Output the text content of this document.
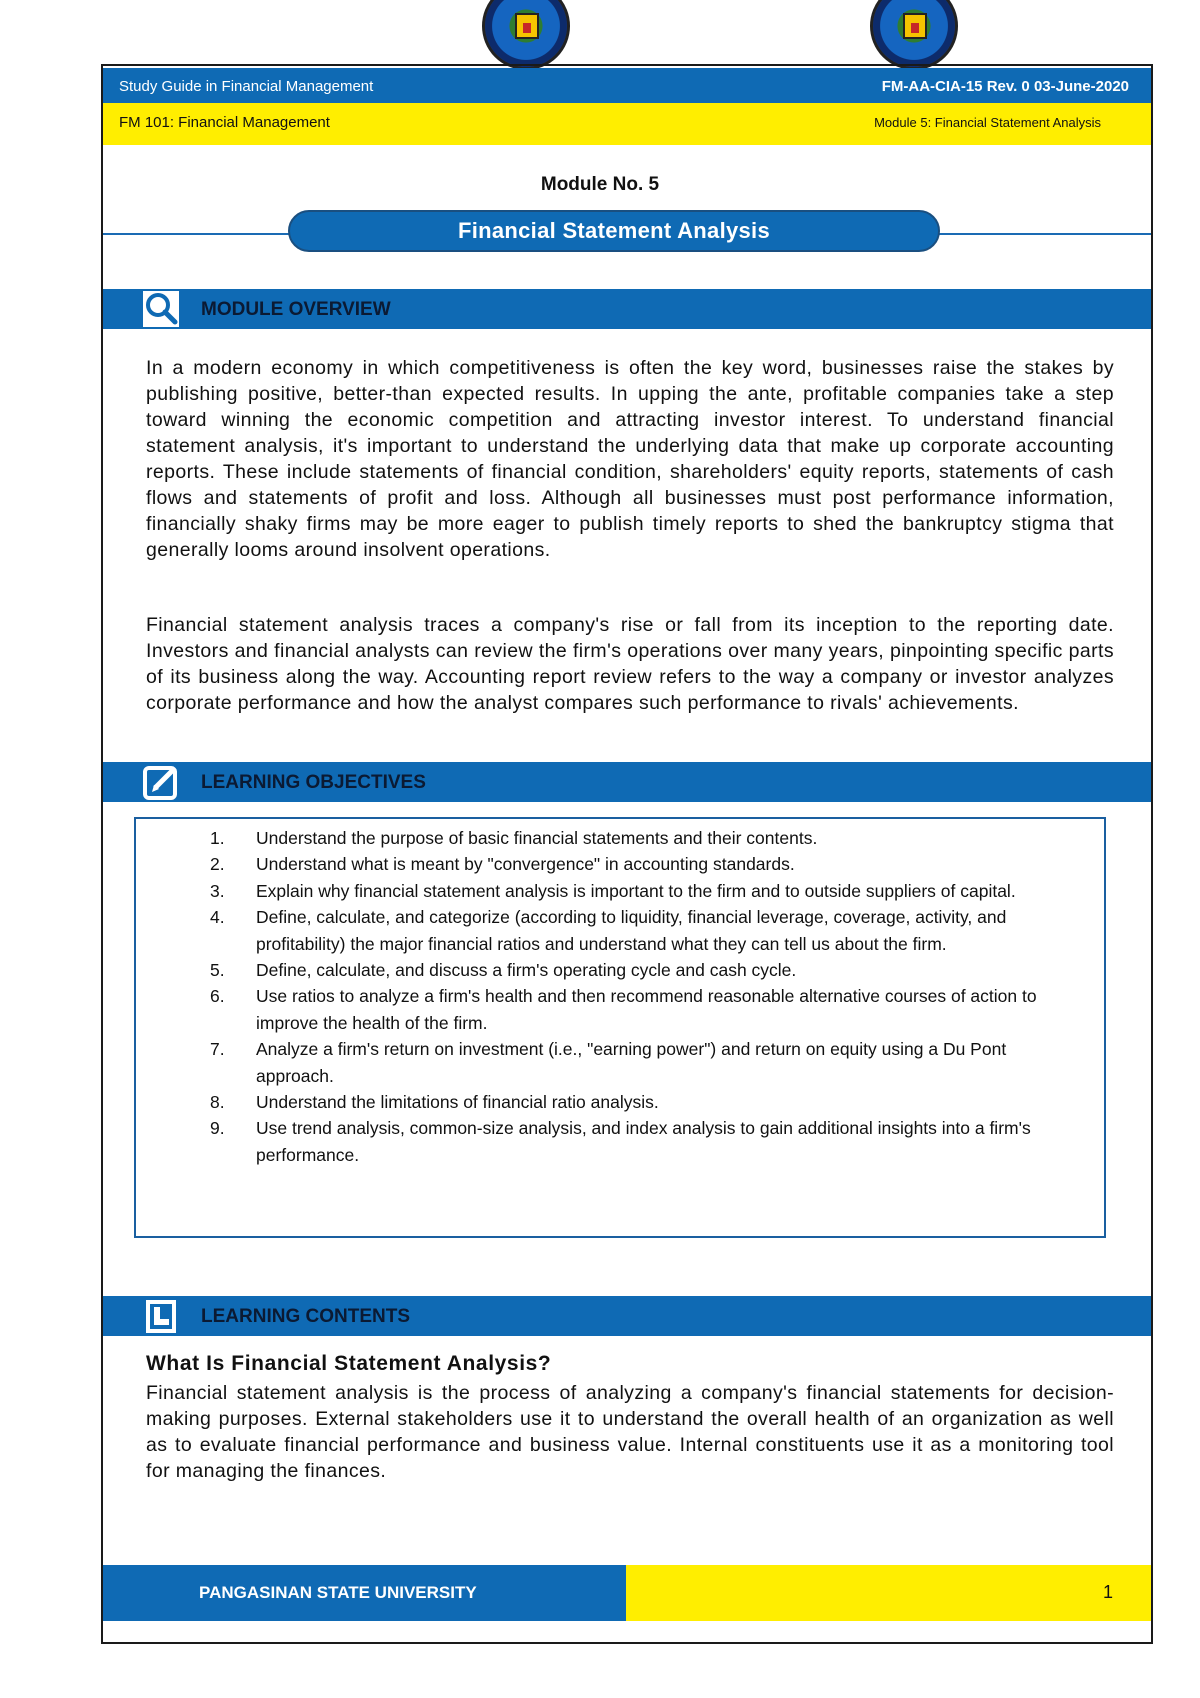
Study Guide in Financial Management	FM-AA-CIA-15 Rev. 0 03-June-2020
FM 101: Financial Management	Module 5: Financial Statement Analysis
Module No. 5
Financial Statement Analysis
MODULE OVERVIEW
In a modern economy in which competitiveness is often the key word, businesses raise the stakes by publishing positive, better-than expected results. In upping the ante, profitable companies take a step toward winning the economic competition and attracting investor interest. To understand financial statement analysis, it's important to understand the underlying data that make up corporate accounting reports. These include statements of financial condition, shareholders' equity reports, statements of cash flows and statements of profit and loss. Although all businesses must post performance information, financially shaky firms may be more eager to publish timely reports to shed the bankruptcy stigma that generally looms around insolvent operations.
Financial statement analysis traces a company's rise or fall from its inception to the reporting date. Investors and financial analysts can review the firm's operations over many years, pinpointing specific parts of its business along the way. Accounting report review refers to the way a company or investor analyzes corporate performance and how the analyst compares such performance to rivals' achievements.
LEARNING OBJECTIVES
1.	Understand the purpose of basic financial statements and their contents.
2.	Understand what is meant by "convergence" in accounting standards.
3.	Explain why financial statement analysis is important to the firm and to outside suppliers of capital.
4.	Define, calculate, and categorize (according to liquidity, financial leverage, coverage, activity, and profitability) the major financial ratios and understand what they can tell us about the firm.
5.	Define, calculate, and discuss a firm's operating cycle and cash cycle.
6.	Use ratios to analyze a firm's health and then recommend reasonable alternative courses of action to improve the health of the firm.
7.	Analyze a firm's return on investment (i.e., "earning power") and return on equity using a Du Pont approach.
8.	Understand the limitations of financial ratio analysis.
9.	Use trend analysis, common-size analysis, and index analysis to gain additional insights into a firm's performance.
LEARNING CONTENTS
What Is Financial Statement Analysis?
Financial statement analysis is the process of analyzing a company's financial statements for decision-making purposes. External stakeholders use it to understand the overall health of an organization as well as to evaluate financial performance and business value. Internal constituents use it as a monitoring tool for managing the finances.
PANGASINAN STATE UNIVERSITY	1
